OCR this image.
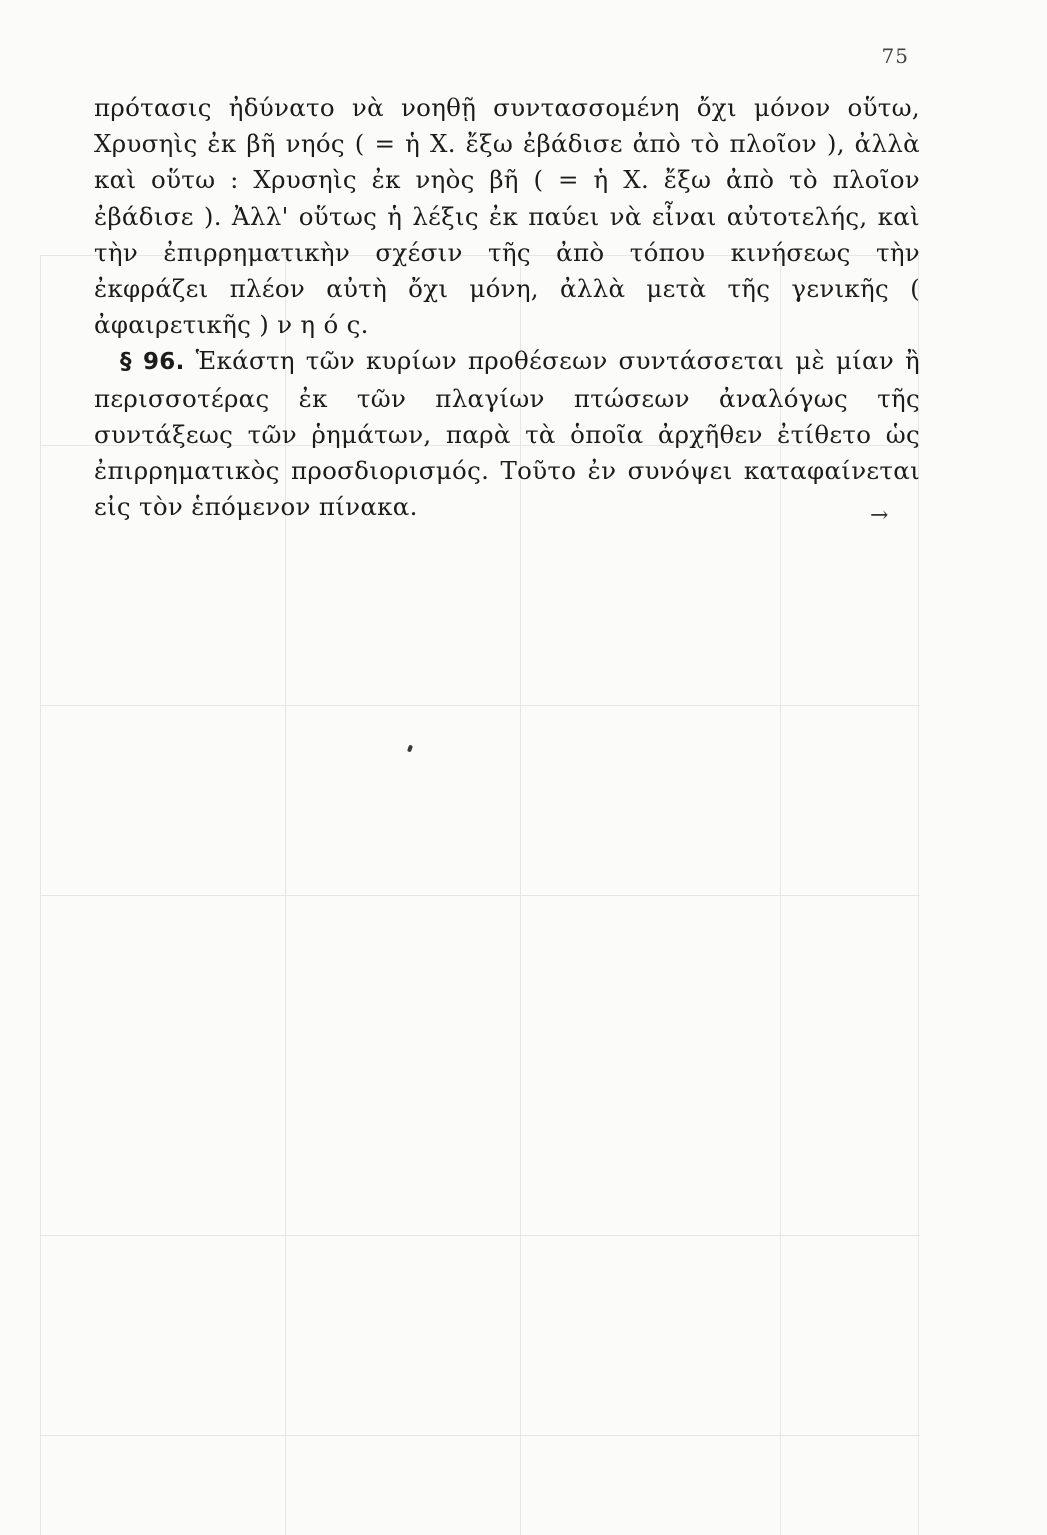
75

πρότασις ἠδύνατο νὰ νοηθῇ συντασσομένη ὄχι μόνον οὕτω, Χρυσηὶς ἐκ βῆ νηός ( = ἡ Χ. ἔξω ἐβάδισε ἀπὸ τὸ πλοῖον ), ἀλλὰ καὶ οὕτω : Χρυσηὶς ἐκ νηὸς βῆ ( = ἡ Χ. ἔξω ἀπὸ τὸ πλοῖον ἐβάδισε ). Ἀλλ' οὕτως ἡ λέξις ἐκ παύει νὰ εἶναι αὐτοτελής, καὶ τὴν ἐπιρρηματικὴν σχέσιν τῆς ἀπὸ τόπου κινήσεως τὴν ἐκφράζει πλέον αὐτὴ ὄχι μόνη, ἀλλὰ μετὰ τῆς γενικῆς ( ἀφαιρετικῆς ) ν η ό ς.

§ 96. Ἑκάστη τῶν κυρίων προθέσεων συντάσσεται μὲ μίαν ἢ περισσοτέρας ἐκ τῶν πλαγίων πτώσεων ἀναλόγως τῆς συντάξεως τῶν ῥημάτων, παρὰ τὰ ὁποῖα ἀρχῆθεν ἐτίθετο ὡς ἐπιρρηματικὸς προσδιορισμός. Τοῦτο ἐν συνόψει καταφαίνεται εἰς τὸν ἑπόμενον πίνακα.	→
